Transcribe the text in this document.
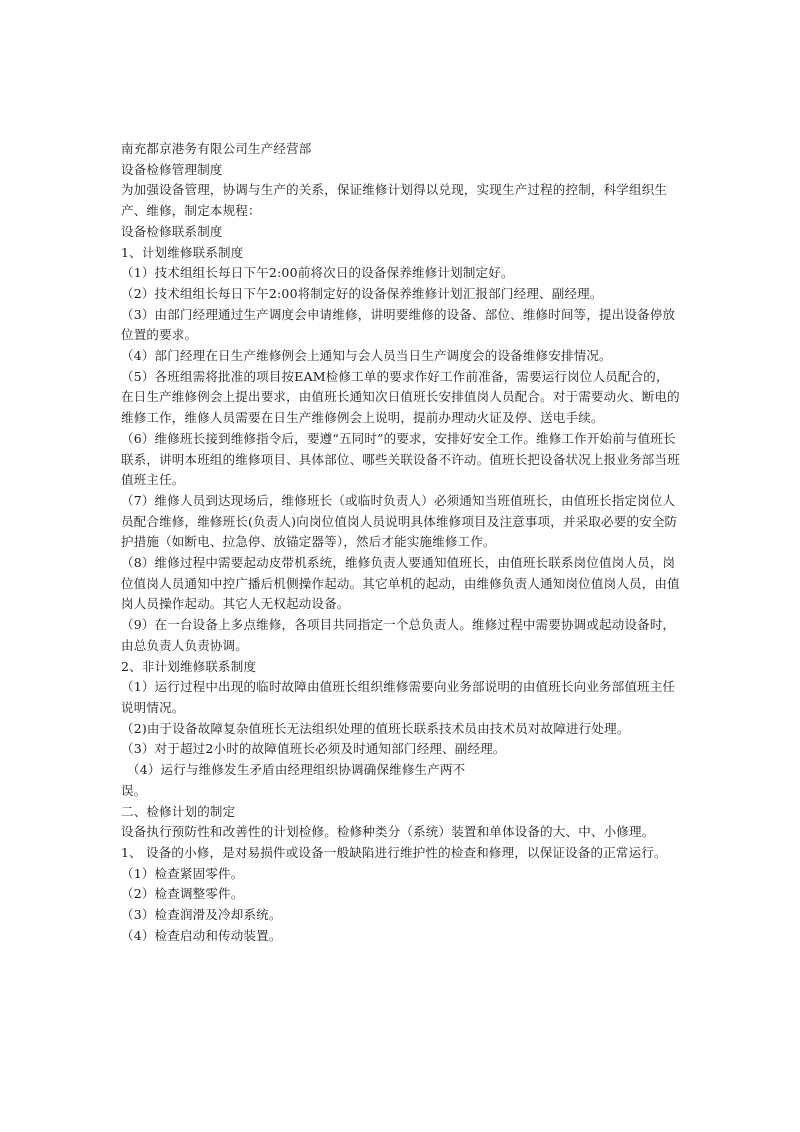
南充都京港务有限公司生产经营部

设备检修管理制度

为加强设备管理，协调与生产的关系，保证维修计划得以兑现，实现生产过程的控制，科学组织生产、维修，制定本规程：

设备检修联系制度

1、计划维修联系制度

（1）技术组组长每日下午2:00前将次日的设备保养维修计划制定好。

（2）技术组组长每日下午2:00将制定好的设备保养维修计划汇报部门经理、副经理。

（3）由部门经理通过生产调度会申请维修，讲明要维修的设备、部位、维修时间等，提出设备停放位置的要求。

（4）部门经理在日生产维修例会上通知与会人员当日生产调度会的设备维修安排情况。

（5）各班组需将批准的项目按EAM检修工单的要求作好工作前准备，需要运行岗位人员配合的，在日生产维修例会上提出要求，由值班长通知次日值班长安排值岗人员配合。对于需要动火、断电的维修工作，维修人员需要在日生产维修例会上说明，提前办理动火证及停、送电手续。

（6）维修班长接到维修指令后，要遵“五同时”的要求，安排好安全工作。维修工作开始前与值班长联系，讲明本班组的维修项目、具体部位、哪些关联设备不许动。值班长把设备状况上报业务部当班值班主任。

（7）维修人员到达现场后，维修班长（或临时负责人）必须通知当班值班长，由值班长指定岗位人员配合维修，维修班长(负责人)向岗位值岗人员说明具体维修项目及注意事项，并采取必要的安全防护措施（如断电、拉急停、放锚定器等），然后才能实施维修工作。

（8）维修过程中需要起动皮带机系统，维修负责人要通知值班长，由值班长联系岗位值岗人员，岗位值岗人员通知中控广播后机侧操作起动。其它单机的起动，由维修负责人通知岗位值岗人员，由值岗人员操作起动。其它人无权起动设备。

（9）在一台设备上多点维修，各项目共同指定一个总负责人。维修过程中需要协调或起动设备时，由总负责人负责协调。

2、非计划维修联系制度

（1）运行过程中出现的临时故障由值班长组织维修需要向业务部说明的由值班长向业务部值班主任说明情况。

（2)由于设备故障复杂值班长无法组织处理的值班长联系技术员由技术员对故障进行处理。

（3）对于超过2小时的故障值班长必须及时通知部门经理、副经理。

（4）运行与维修发生矛盾由经理组织协调确保维修生产两不

误。

二、检修计划的制定

设备执行预防性和改善性的计划检修。检修种类分（系统）装置和单体设备的大、中、小修理。

1、 设备的小修，是对易损件或设备一般缺陷进行维护性的检查和修理，以保证设备的正常运行。

（1）检查紧固零件。

（2）检查调整零件。

（3）检查润滑及冷却系统。

（4）检查启动和传动装置。
